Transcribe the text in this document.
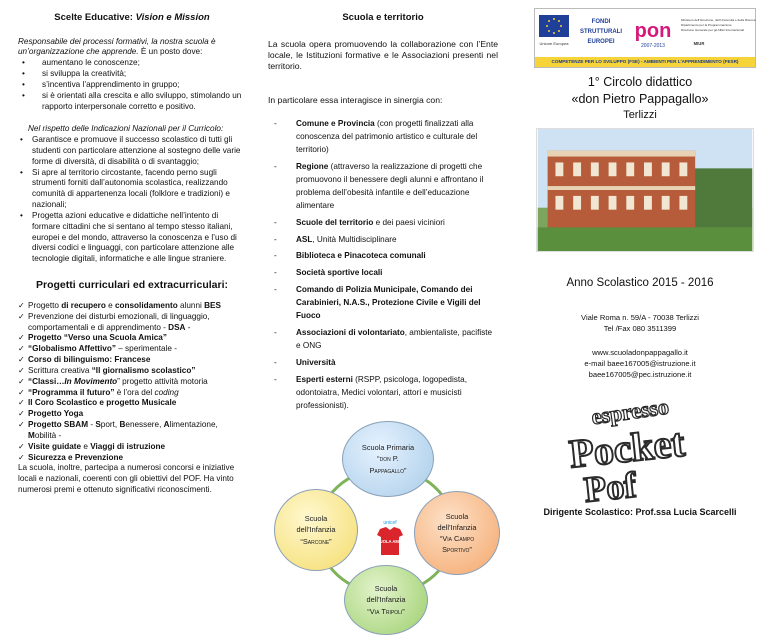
Scelte Educative: Vision e Mission
Responsabile dei processi formativi, la nostra scuola è un’organizzazione che apprende. È un posto dove:
• aumentano le conoscenze;
• si sviluppa la creatività;
• s’incentiva l’apprendimento in gruppo;
• si è orientati alla crescita e allo sviluppo, stimolando un rapporto interpersonale corretto e positivo.
Nel rispetto delle Indicazioni Nazionali per il Curricolo:
• Garantisce e promuove il successo scolastico di tutti gli studenti con particolare attenzione al sostegno delle varie forme di diversità, di disabilità o di svantaggio;
• Si apre al territorio circostante, facendo perno sugli strumenti forniti dall’autonomia scolastica, realizzando comunità di appartenenza locali (folklore e tradizioni) e nazionali;
• Progetta azioni educative e didattiche nell’intento di formare cittadini che si sentano al tempo stesso italiani, europei e del mondo, attraverso la conoscenza e l’uso di diversi codici e linguaggi, con particolare attenzione alle tecnologie digitali, informatiche e alle lingue straniere.
Progetti curriculari ed extracurriculari:
✓ Progetto di recupero e consolidamento alunni BES
✓ Prevenzione dei disturbi emozionali, di linguaggio, comportamentali e di apprendimento - DSA -
✓ Progetto “Verso una Scuola Amica”
✓ “Globalismo Affettivo” – sperimentale -
✓ Corso di bilinguismo: Francese
✓ Scrittura creativa “Il giornalismo scolastico”
✓ “Classi…In Movimento” progetto attività motoria
✓ “Programma il futuro” è l’ora del coding
✓ Il Coro Scolastico e progetto Musicale
✓ Progetto Yoga
✓ Progetto SBAM - Sport, Benessere, Alimentazione, Mobilità -
✓ Visite guidate e Viaggi di istruzione
✓ Sicurezza e Prevenzione
La scuola, inoltre, partecipa a numerosi concorsi e iniziative locali e nazionali, coerenti con gli obiettivi del POF. Ha vinto numerosi premi e ottenuto significativi riconoscimenti.
Scuola e territorio
La scuola opera promuovendo la collaborazione con l’Ente locale, le Istituzioni formative e le Associazioni presenti nel territorio.
In particolare essa interagisce in sinergia con:
- Comune e Provincia (con progetti finalizzati alla conoscenza del patrimonio artistico e culturale del territorio)
- Regione (attraverso la realizzazione di progetti che promuovono il benessere degli alunni e affrontano il problema dell’obesità infantile e dell’educazione alimentare
- Scuole del territorio e dei paesi viciniori
- ASL, Unità Multidisciplinare
- Biblioteca e Pinacoteca comunali
- Società sportive locali
- Comando di Polizia Municipale, Comando dei Carabinieri, N.A.S., Protezione Civile e Vigili del Fuoco
- Associazioni di volontariato, ambientaliste, pacifiste e ONG
- Università
- Esperti esterni (RSPP, psicologa, logopedista, odontoiatra, Medici volontari, attori e musicisti professionisti).
Scuola Primaria
“don P.
Pappagallo”
Scuola
dell’Infanzia
“Sarcone”
Scuola
dell’Infanzia
“Via Campo
Sportivo”
Scuola
dell’Infanzia
“Via Tripoli”
unicef
SCUOLA AMICA
Unione Europea
FONDI
STRUTTURALI
EUROPEI pon
2007-2013
Ministero dell'Istruzione, dell'Università e della Ricerca
Dipartimento per la Programmazione
Direzione Generale per gli Affari Internazionali
MIUR
COMPETENZE PER LO SVILUPPO (FSE) - AMBIENTI PER L'APPRENDIMENTO (FESR)
1° Circolo didattico
«don Pietro Pappagallo»
Terlizzi
Anno Scolastico 2015 - 2016
Viale Roma n. 59/A - 70038 Terlizzi
Tel /Fax 080 3511399
www.scuoladonpappagallo.it
e-mail baee167005@istruzione.it
baee167005@pec.istruzione.it
espresso
Pocket
Pof
Dirigente Scolastico: Prof.ssa Lucia Scarcelli
